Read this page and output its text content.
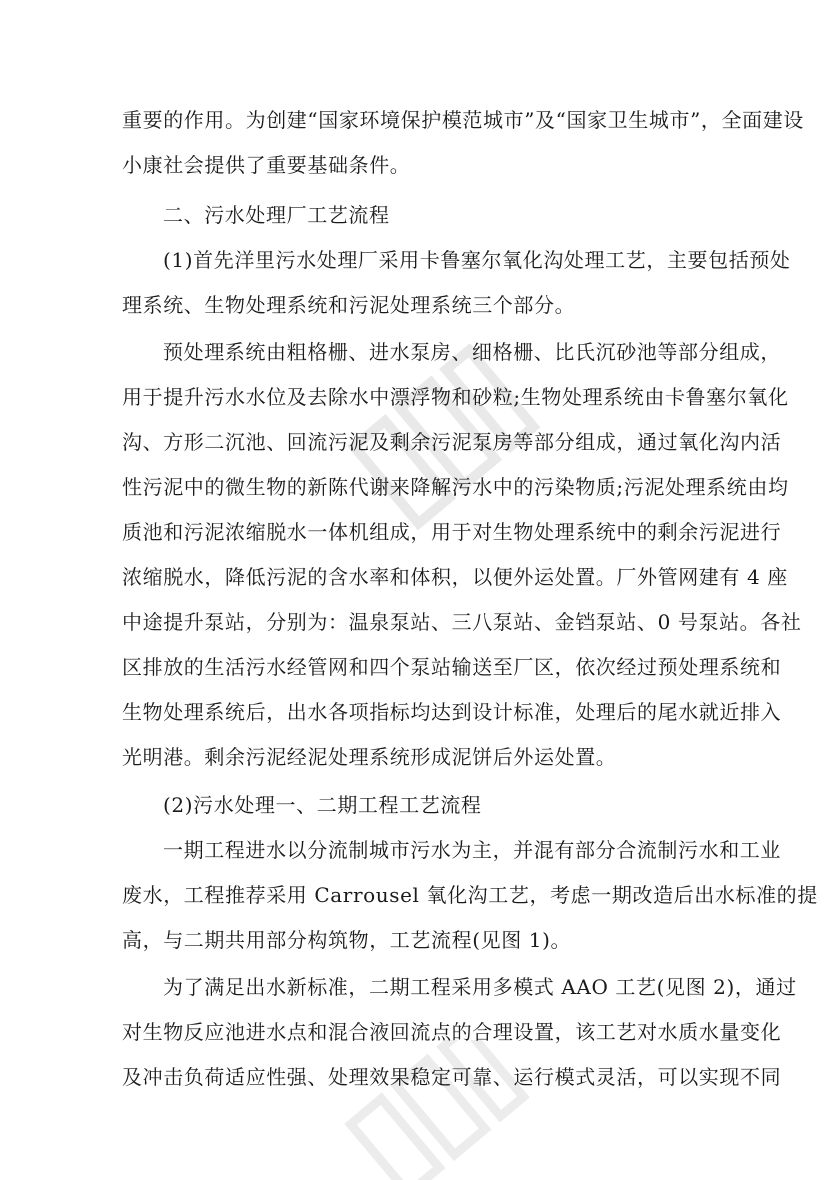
重要的作用。为创建“国家环境保护模范城市”及“国家卫生城市”，全面建设
小康社会提供了重要基础条件。
二、污水处理厂工艺流程
(1)首先洋里污水处理厂采用卡鲁塞尔氧化沟处理工艺，主要包括预处
理系统、生物处理系统和污泥处理系统三个部分。
预处理系统由粗格栅、进水泵房、细格栅、比氏沉砂池等部分组成，
用于提升污水水位及去除水中漂浮物和砂粒;生物处理系统由卡鲁塞尔氧化
沟、方形二沉池、回流污泥及剩余污泥泵房等部分组成，通过氧化沟内活
性污泥中的微生物的新陈代谢来降解污水中的污染物质;污泥处理系统由均
质池和污泥浓缩脱水一体机组成，用于对生物处理系统中的剩余污泥进行
浓缩脱水，降低污泥的含水率和体积，以便外运处置。厂外管网建有 4 座
中途提升泵站，分别为：温泉泵站、三八泵站、金铛泵站、0 号泵站。各社
区排放的生活污水经管网和四个泵站输送至厂区，依次经过预处理系统和
生物处理系统后，出水各项指标均达到设计标准，处理后的尾水就近排入
光明港。剩余污泥经泥处理系统形成泥饼后外运处置。
(2)污水处理一、二期工程工艺流程
一期工程进水以分流制城市污水为主，并混有部分合流制污水和工业
废水，工程推荐采用 Carrousel 氧化沟工艺，考虑一期改造后出水标准的提
高，与二期共用部分构筑物，工艺流程(见图 1)。
为了满足出水新标准，二期工程采用多模式 AAO 工艺(见图 2)，通过
对生物反应池进水点和混合液回流点的合理设置，该工艺对水质水量变化
及冲击负荷适应性强、处理效果稳定可靠、运行模式灵活，可以实现不同
